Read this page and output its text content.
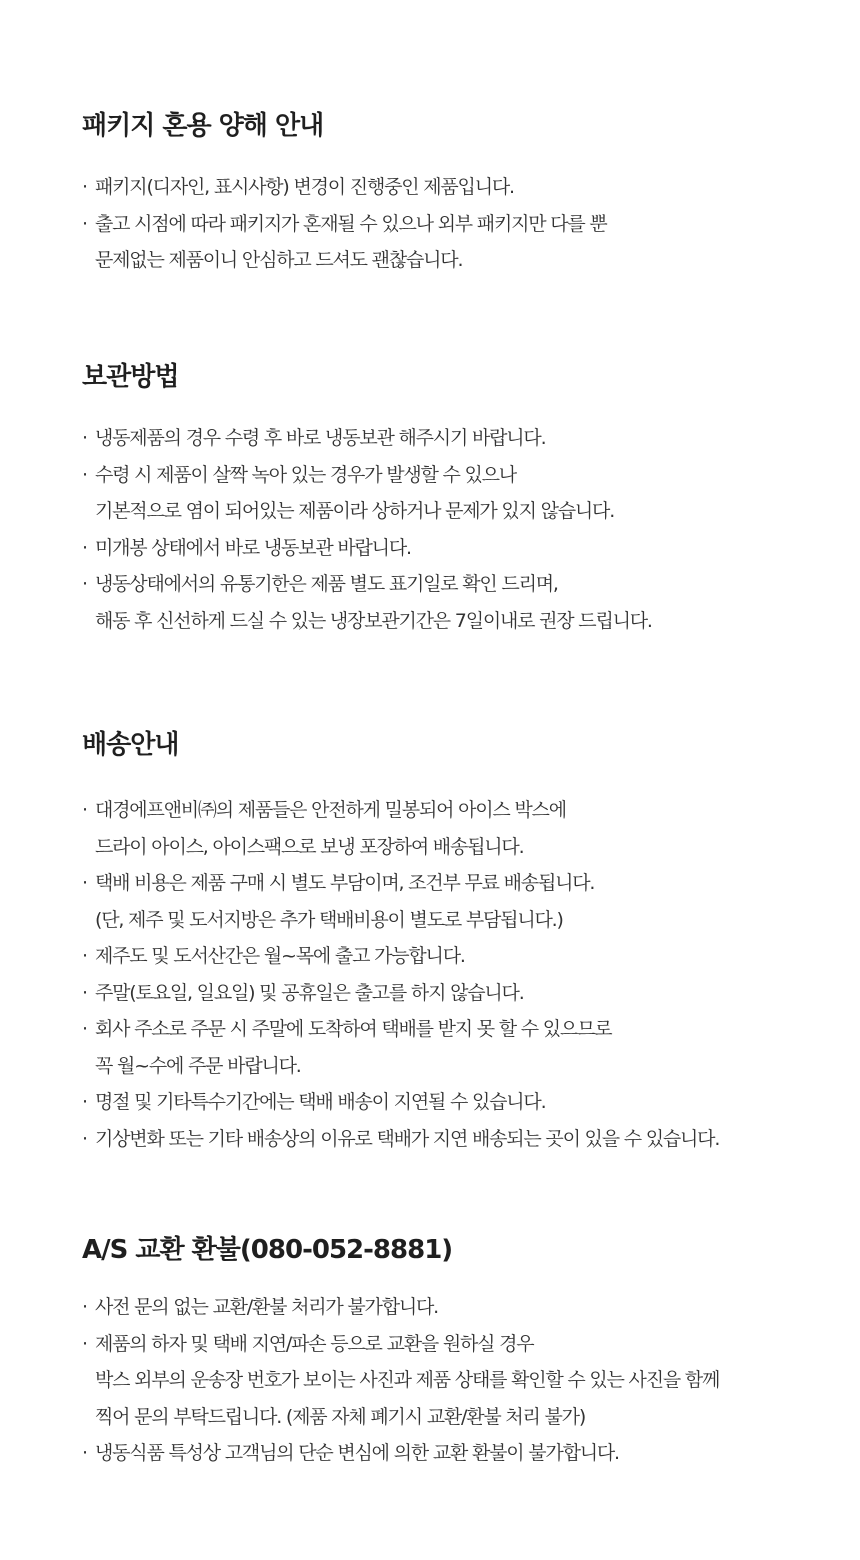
패키지 혼용 양해 안내
· 패키지(디자인, 표시사항) 변경이 진행중인 제품입니다.
· 출고 시점에 따라 패키지가 혼재될 수 있으나 외부 패키지만 다를 뿐
문제없는 제품이니 안심하고 드셔도 괜찮습니다.
보관방법
· 냉동제품의 경우 수령 후 바로 냉동보관 해주시기 바랍니다.
· 수령 시 제품이 살짝 녹아 있는 경우가 발생할 수 있으나
기본적으로 염이 되어있는 제품이라 상하거나 문제가 있지 않습니다.
· 미개봉 상태에서 바로 냉동보관 바랍니다.
· 냉동상태에서의 유통기한은 제품 별도 표기일로 확인 드리며,
해동 후 신선하게 드실 수 있는 냉장보관기간은 7일이내로 권장 드립니다.
배송안내
· 대경에프앤비㈜의 제품들은 안전하게 밀봉되어 아이스 박스에
드라이 아이스, 아이스팩으로 보냉 포장하여 배송됩니다.
· 택배 비용은 제품 구매 시 별도 부담이며, 조건부 무료 배송됩니다.
(단, 제주 및 도서지방은 추가 택배비용이 별도로 부담됩니다.)
· 제주도 및 도서산간은 월~목에 출고 가능합니다.
· 주말(토요일, 일요일) 및 공휴일은 출고를 하지 않습니다.
· 회사 주소로 주문 시 주말에 도착하여 택배를 받지 못 할 수 있으므로
꼭 월~수에 주문 바랍니다.
· 명절 및 기타특수기간에는 택배 배송이 지연될 수 있습니다.
· 기상변화 또는 기타 배송상의 이유로 택배가 지연 배송되는 곳이 있을 수 있습니다.
A/S 교환 환불(080-052-8881)
· 사전 문의 없는 교환/환불 처리가 불가합니다.
· 제품의 하자 및 택배 지연/파손 등으로 교환을 원하실 경우
박스 외부의 운송장 번호가 보이는 사진과 제품 상태를 확인할 수 있는 사진을 함께
찍어 문의 부탁드립니다. (제품 자체 폐기시 교환/환불 처리 불가)
· 냉동식품 특성상 고객님의 단순 변심에 의한 교환 환불이 불가합니다.
